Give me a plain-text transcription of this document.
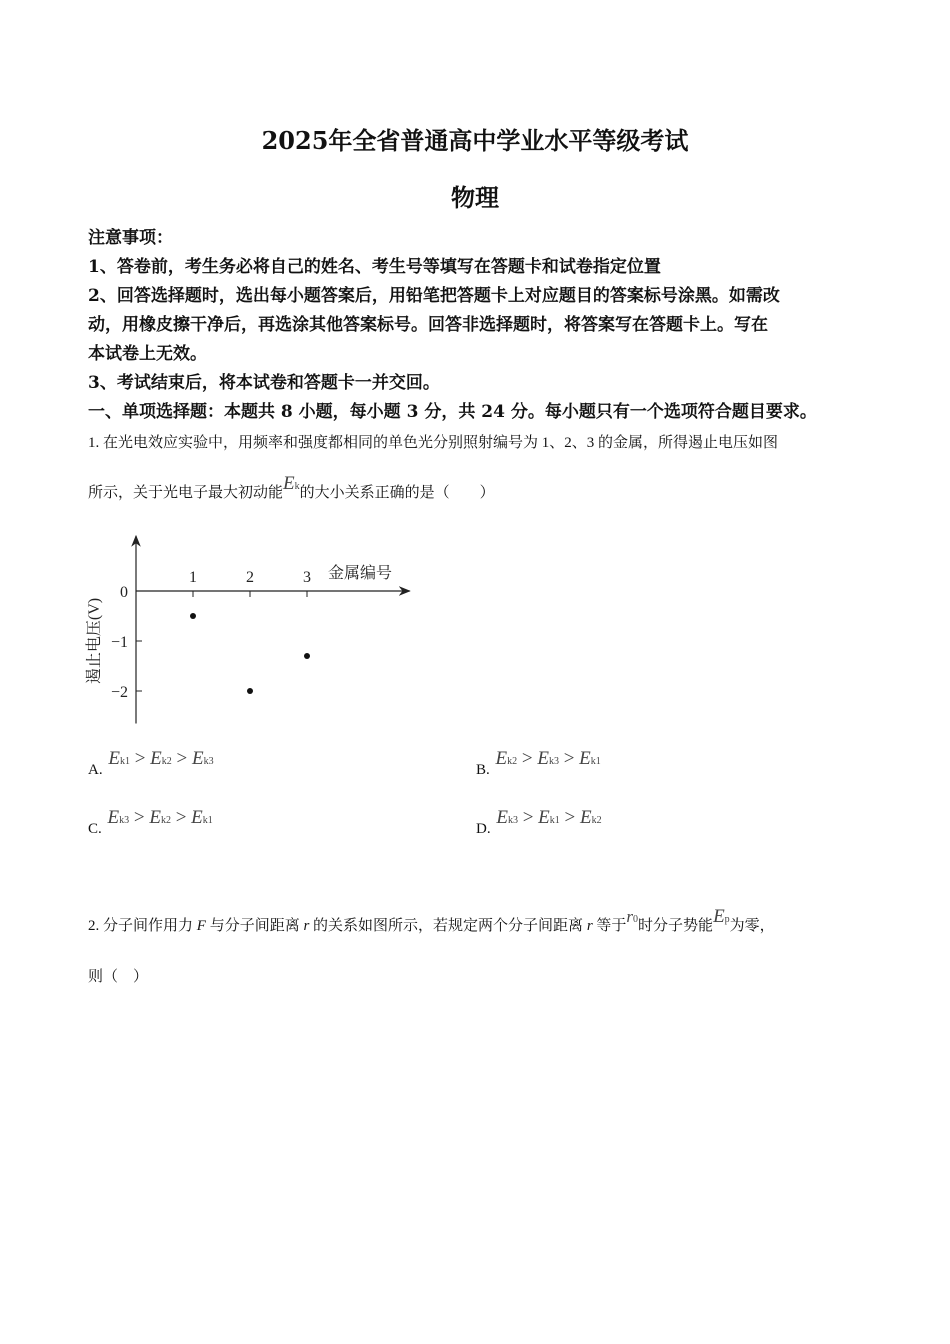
2025年全省普通高中学业水平等级考试
物理
注意事项：
1、答卷前，考生务必将自己的姓名、考生号等填写在答题卡和试卷指定位置
2、回答选择题时，选出每小题答案后，用铅笔把答题卡上对应题目的答案标号涂黑。如需改
动，用橡皮擦干净后，再选涂其他答案标号。回答非选择题时，将答案写在答题卡上。写在
本试卷上无效。
3、考试结束后，将本试卷和答题卡一并交回。
一、单项选择题：本题共 8 小题，每小题 3 分，共 24 分。每小题只有一个选项符合题目要求。
1. 在光电效应实验中，用频率和强度都相同的单色光分别照射编号为 1、2、3 的金属，所得遏止电压如图
所示，关于光电子最大初动能Ek的大小关系正确的是（　　）
1	2	3
0
−1
−2
金属编号
遏止电压(V)
A. Ek1 > Ek2 > Ek3
B. Ek2 > Ek3 > Ek1
C. Ek3 > Ek2 > Ek1
D. Ek3 > Ek1 > Ek2
2. 分子间作用力 F 与分子间距离 r 的关系如图所示，若规定两个分子间距离 r 等于r0时分子势能Ep为零，
则（　）
